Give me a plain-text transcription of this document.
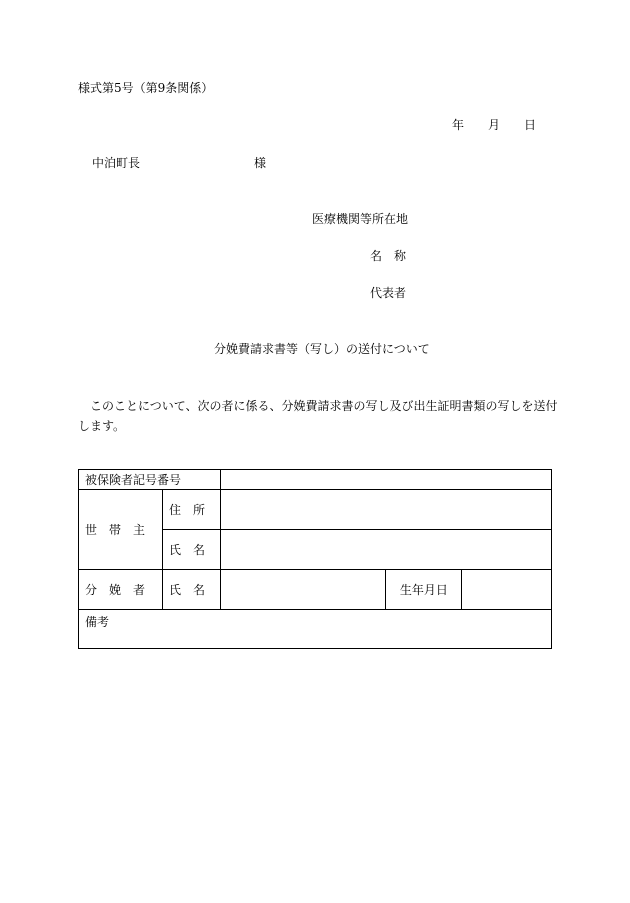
様式第5号（第9条関係）
年 月 日
中泊町長	様
医療機関等所在地
名　称
代表者
分娩費請求書等（写し）の送付について
このことについて、次の者に係る、分娩費請求書の写し及び出生証明書類の写しを送付します。
被保険者記号番号				

世　帯　主	住　所			
	氏　名			
分　娩　者	氏　名		生年月日	
備考				
